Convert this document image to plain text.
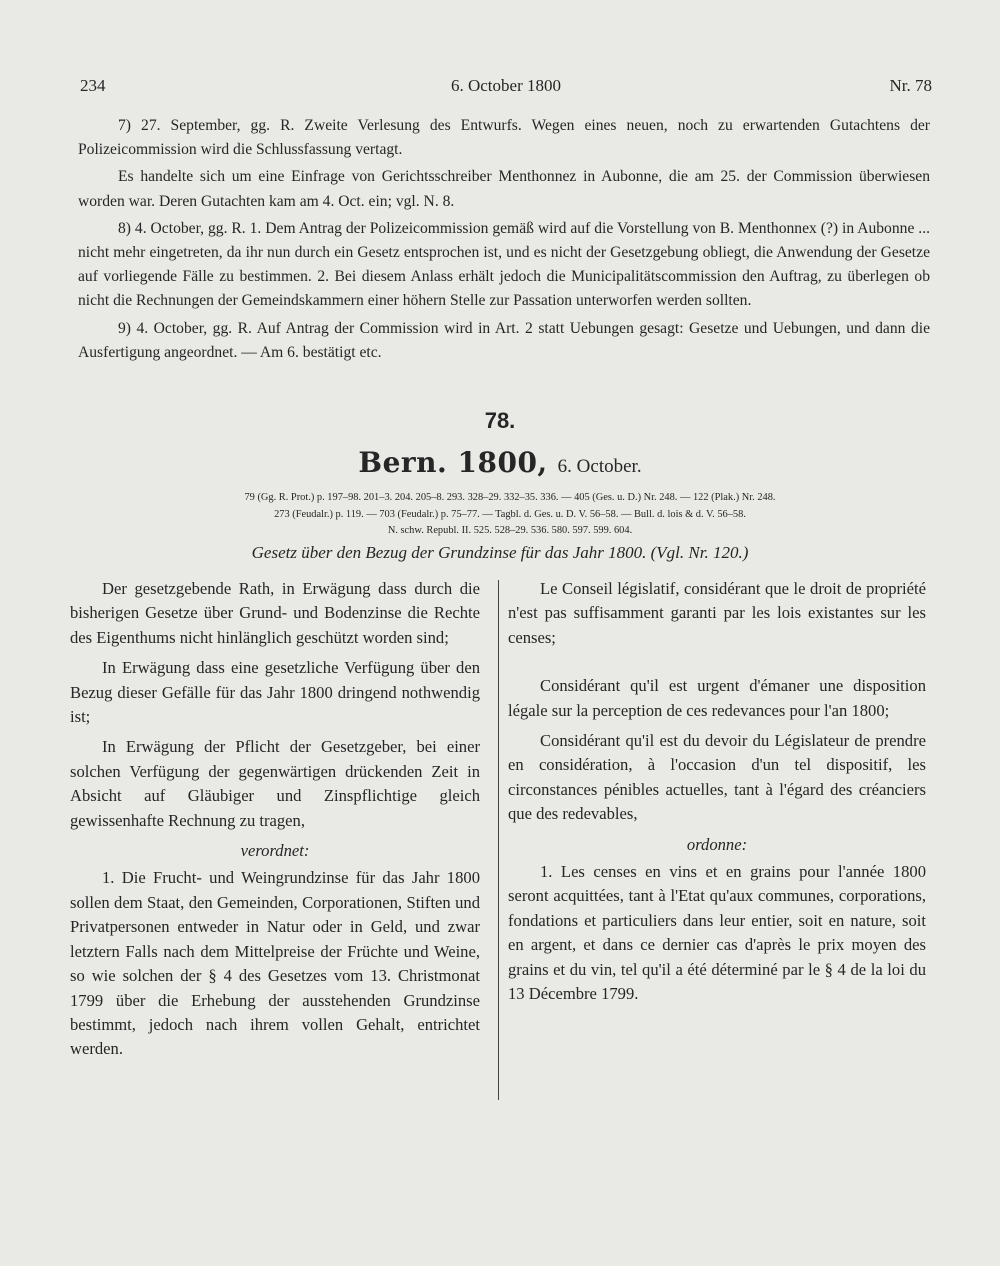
234	6. October 1800	Nr. 78

7) 27. September, gg. R. Zweite Verlesung des Entwurfs. Wegen eines neuen, noch zu erwartenden Gutachtens der Polizeicommission wird die Schlussfassung vertagt.

Es handelte sich um eine Einfrage von Gerichtsschreiber Menthonnez in Aubonne, die am 25. der Commission überwiesen worden war. Deren Gutachten kam am 4. Oct. ein; vgl. N. 8.

8) 4. October, gg. R. 1. Dem Antrag der Polizeicommission gemäß wird auf die Vorstellung von B. Menthonnex (?) in Aubonne ... nicht mehr eingetreten, da ihr nun durch ein Gesetz entsprochen ist, und es nicht der Gesetzgebung obliegt, die Anwendung der Gesetze auf vorliegende Fälle zu bestimmen. 2. Bei diesem Anlass erhält jedoch die Municipalitätscommission den Auftrag, zu überlegen ob nicht die Rechnungen der Gemeindskammern einer höhern Stelle zur Passation unterworfen werden sollten.

9) 4. October, gg. R. Auf Antrag der Commission wird in Art. 2 statt Uebungen gesagt: Gesetze und Uebungen, und dann die Ausfertigung angeordnet. — Am 6. bestätigt etc.

78.
Bern. 1800, 6. October.
79 (Gg. R. Prot.) p. 197–98. 201–3. 204. 205–8. 293. 328–29. 332–35. 336. — 405 (Ges. u. D.) Nr. 248. — 122 (Plak.) Nr. 248.
273 (Feudalr.) p. 119. — 703 (Feudalr.) p. 75–77. — Tagbl. d. Ges. u. D. V. 56–58. — Bull. d. lois & d. V. 56–58.
N. schw. Republ. II. 525. 528–29. 536. 580. 597. 599. 604.
Gesetz über den Bezug der Grundzinse für das Jahr 1800. (Vgl. Nr. 120.)

Der gesetzgebende Rath, in Erwägung dass durch die bisherigen Gesetze über Grund- und Bodenzinse die Rechte des Eigenthums nicht hinlänglich geschützt worden sind;

In Erwägung dass eine gesetzliche Verfügung über den Bezug dieser Gefälle für das Jahr 1800 dringend nothwendig ist;

In Erwägung der Pflicht der Gesetzgeber, bei einer solchen Verfügung der gegenwärtigen drückenden Zeit in Absicht auf Gläubiger und Zinspflichtige gleich gewissenhafte Rechnung zu tragen,

verordnet:

1. Die Frucht- und Weingrundzinse für das Jahr 1800 sollen dem Staat, den Gemeinden, Corporationen, Stiften und Privatpersonen entweder in Natur oder in Geld, und zwar letztern Falls nach dem Mittelpreise der Früchte und Weine, so wie solchen der § 4 des Gesetzes vom 13. Christmonat 1799 über die Erhebung der ausstehenden Grundzinse bestimmt, jedoch nach ihrem vollen Gehalt, entrichtet werden.

Le Conseil législatif, considérant que le droit de propriété n'est pas suffisamment garanti par les lois existantes sur les censes;

Considérant qu'il est urgent d'émaner une disposition légale sur la perception de ces redevances pour l'an 1800;

Considérant qu'il est du devoir du Législateur de prendre en considération, à l'occasion d'un tel dispositif, les circonstances pénibles actuelles, tant à l'égard des créanciers que des redevables,

ordonne:

1. Les censes en vins et en grains pour l'année 1800 seront acquittées, tant à l'Etat qu'aux communes, corporations, fondations et particuliers dans leur entier, soit en nature, soit en argent, et dans ce dernier cas d'après le prix moyen des grains et du vin, tel qu'il a été déterminé par le § 4 de la loi du 13 Décembre 1799.
